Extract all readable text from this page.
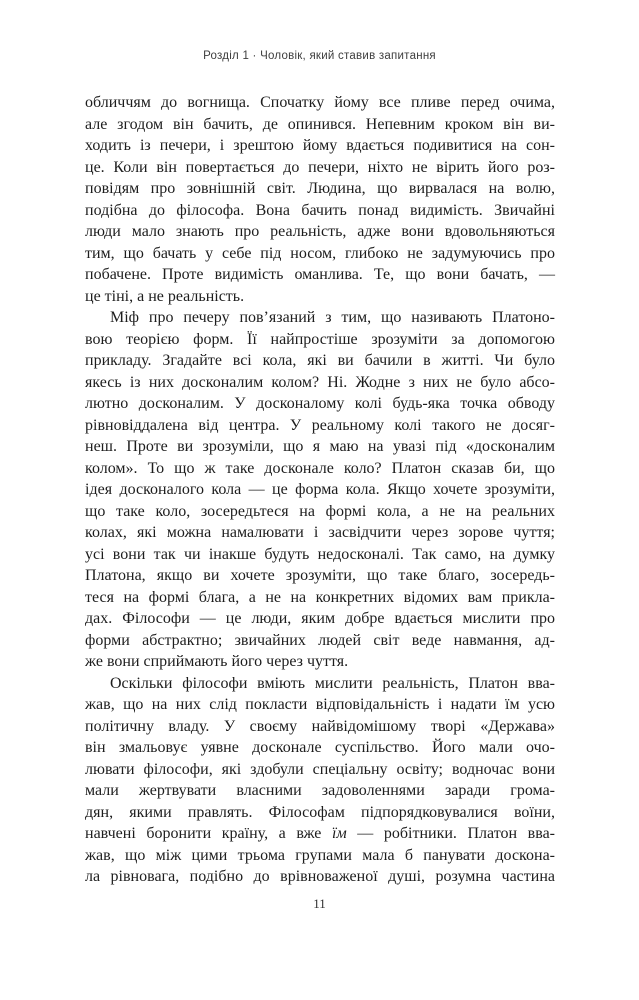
Розділ 1 · Чоловік, який ставив запитання
обличчям до вогнища. Спочатку йому все пливе перед очима,
але згодом він бачить, де опинився. Непевним кроком він ви-
ходить із печери, і зрештою йому вдається подивитися на сон-
це. Коли він повертається до печери, ніхто не вірить його роз-
повідям про зовнішній світ. Людина, що вирвалася на волю,
подібна до філософа. Вона бачить понад видимість. Звичайні
люди мало знають про реальність, адже вони вдовольняються
тим, що бачать у себе під носом, глибоко не задумуючись про
побачене. Проте видимість оманлива. Те, що вони бачать, —
це тіні, а не реальність.
Міф про печеру пов’язаний з тим, що називають Платоно-
вою теорією форм. Її найпростіше зрозуміти за допомогою
прикладу. Згадайте всі кола, які ви бачили в житті. Чи було
якесь із них досконалим колом? Ні. Жодне з них не було абсо-
лютно досконалим. У досконалому колі будь-яка точка обводу
рівновіддалена від центра. У реальному колі такого не досяг-
неш. Проте ви зрозуміли, що я маю на увазі під «досконалим
колом». То що ж таке досконале коло? Платон сказав би, що
ідея досконалого кола — це форма кола. Якщо хочете зрозуміти,
що таке коло, зосередьтеся на формі кола, а не на реальних
колах, які можна намалювати і засвідчити через зорове чуття;
усі вони так чи інакше будуть недосконалі. Так само, на думку
Платона, якщо ви хочете зрозуміти, що таке благо, зосередь-
теся на формі блага, а не на конкретних відомих вам прикла-
дах. Філософи — це люди, яким добре вдається мислити про
форми абстрактно; звичайних людей світ веде навмання, ад-
же вони сприймають його через чуття.
Оскільки філософи вміють мислити реальність, Платон вва-
жав, що на них слід покласти відповідальність і надати їм усю
політичну владу. У своєму найвідомішому творі «Держава»
він змальовує уявне досконале суспільство. Його мали очо-
лювати філософи, які здобули спеціальну освіту; водночас вони
мали жертвувати власними задоволеннями заради грома-
дян, якими правлять. Філософам підпорядковувалися воїни,
навчені боронити країну, а вже їм — робітники. Платон вва-
жав, що між цими трьома групами мала б панувати доскона-
ла рівновага, подібно до врівноваженої душі, розумна частина
11
